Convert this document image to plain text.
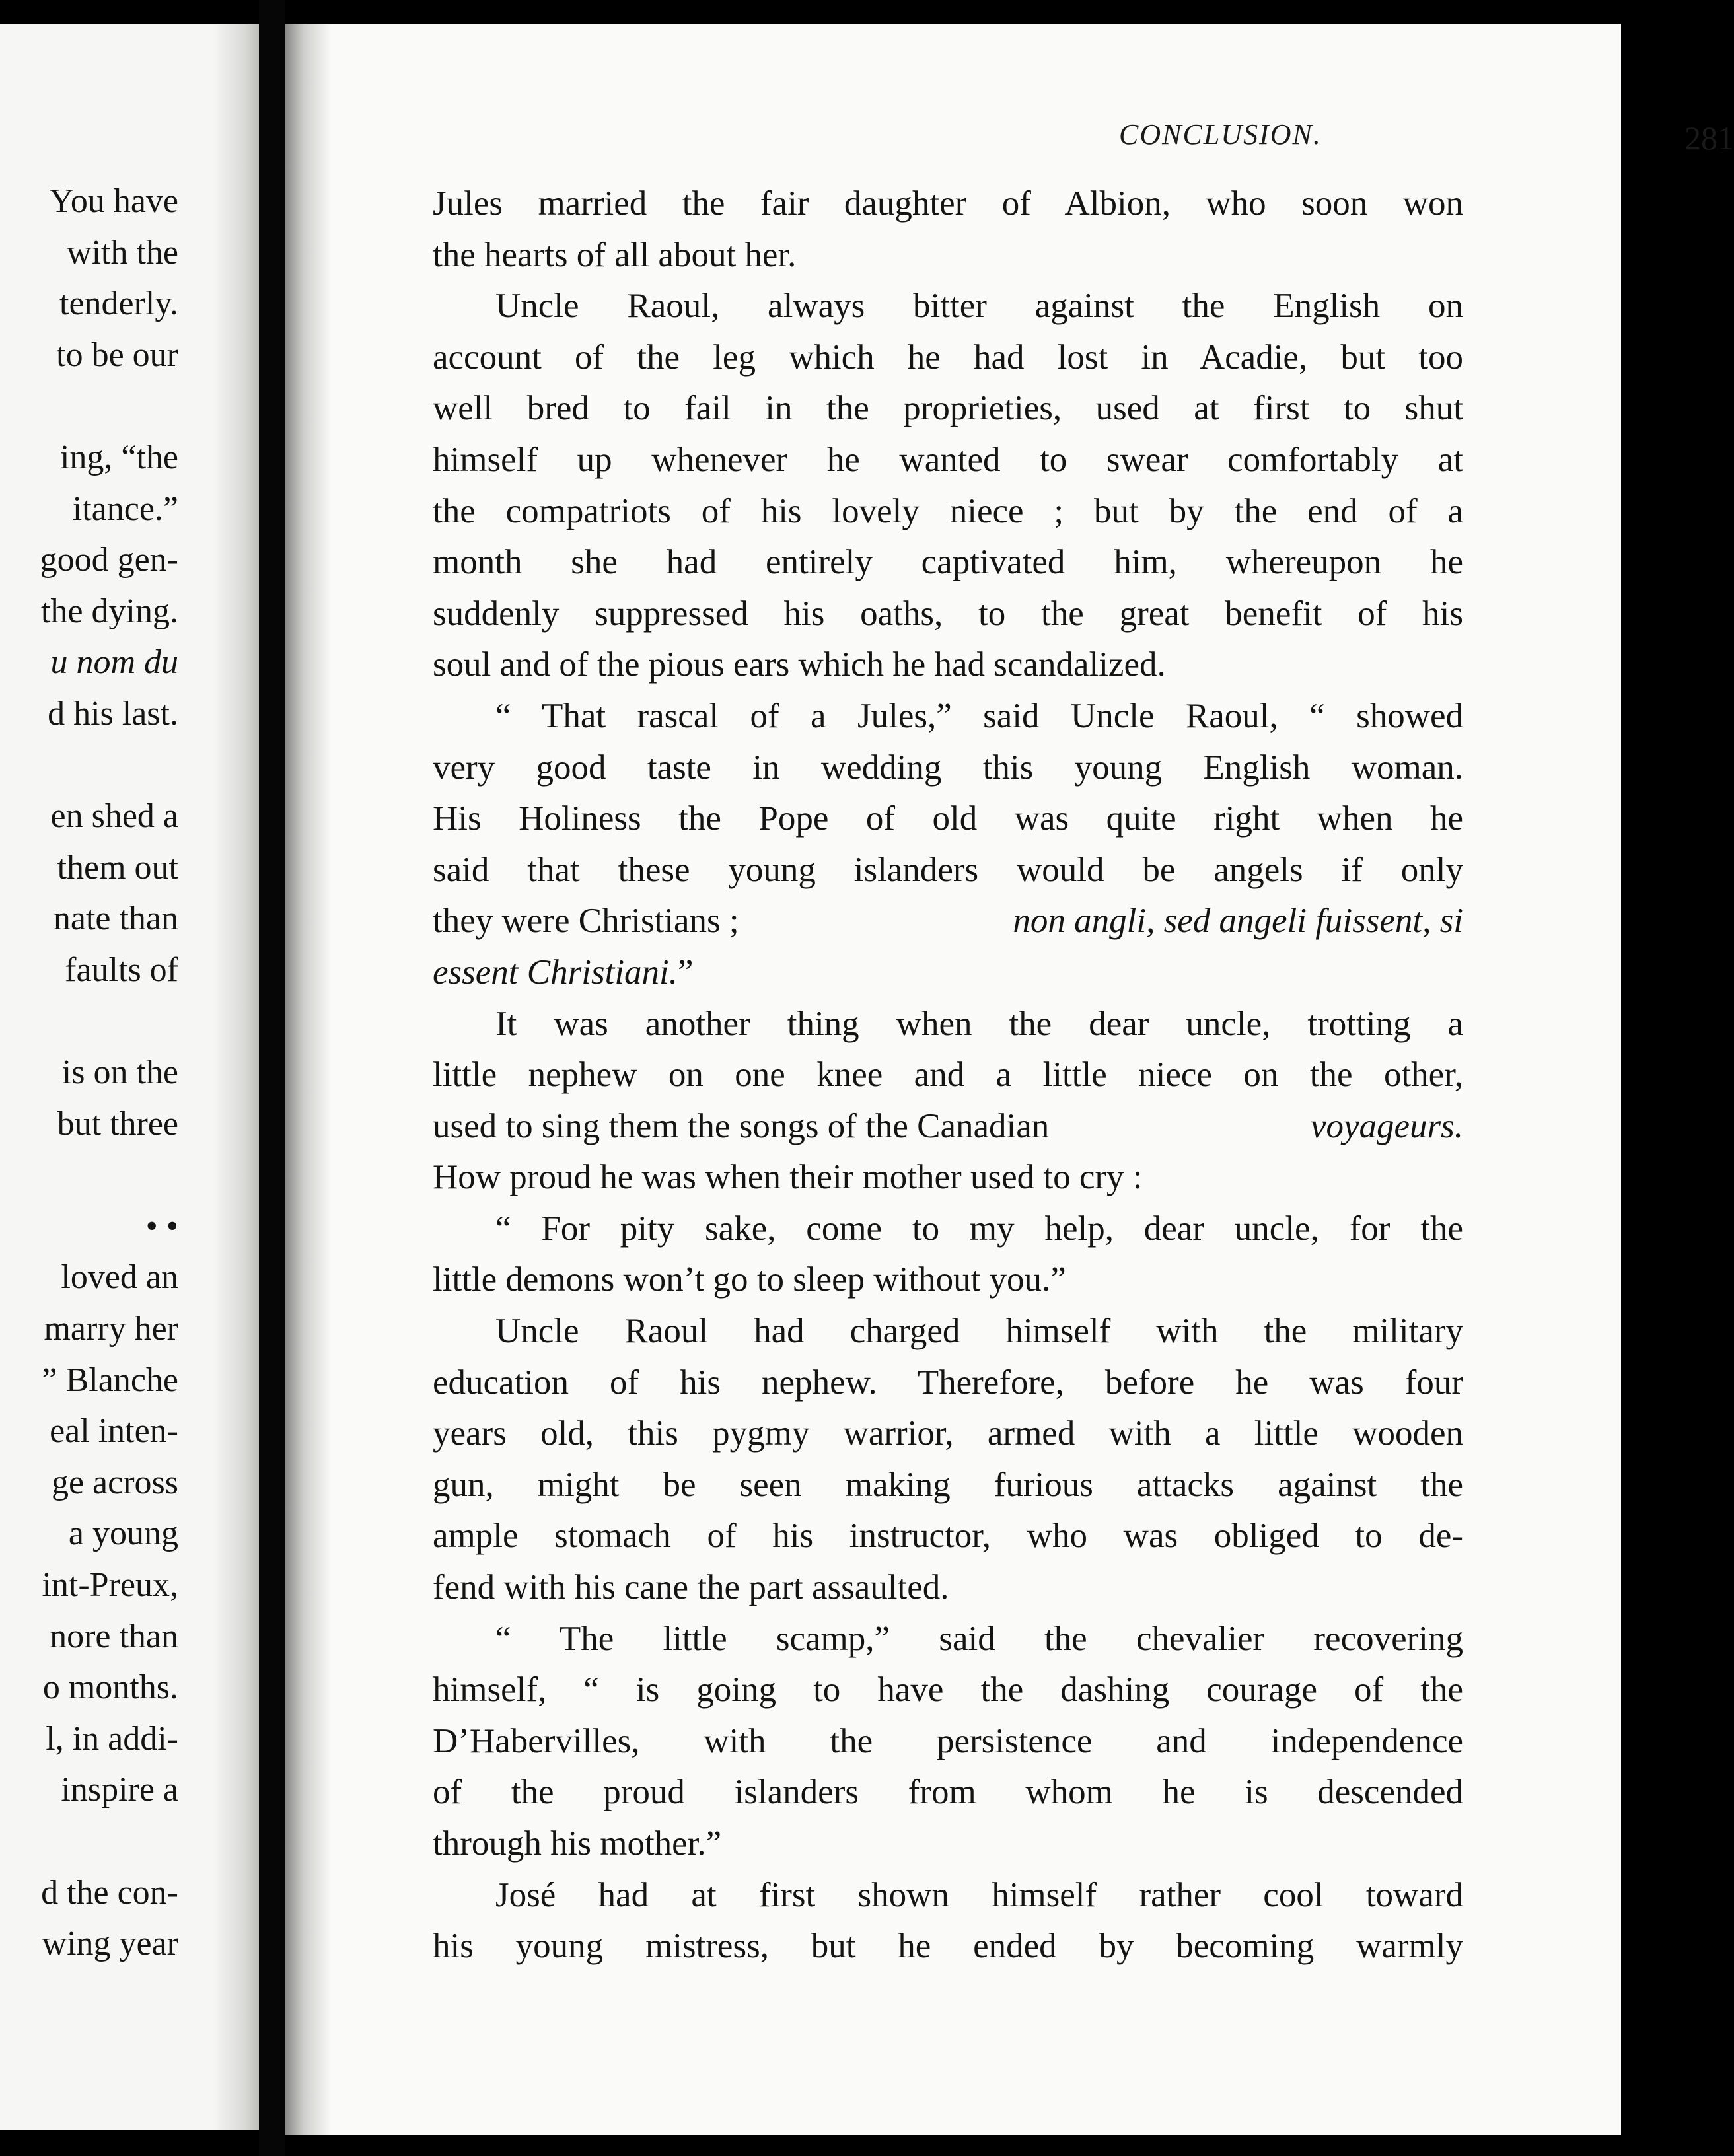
You have
with the
tenderly.
to be our
ing, “the
itance.”
good gen-
the dying.
u nom du
d his last.
en shed a
them out
nate than
faults of
is on the
but three
• •
loved an
marry her
” Blanche
eal inten-
ge across
a young
int-Preux,
nore than
o months.
l, in addi-
inspire a
d the con-
wing year
CONCLUSION.	281
Jules married the fair daughter of Albion, who soon won
the hearts of all about her.
Uncle Raoul, always bitter against the English on
account of the leg which he had lost in Acadie, but too
well bred to fail in the proprieties, used at first to shut
himself up whenever he wanted to swear comfortably at
the compatriots of his lovely niece ; but by the end of a
month she had entirely captivated him, whereupon he
suddenly suppressed his oaths, to the great benefit of his
soul and of the pious ears which he had scandalized.
“ That rascal of a Jules,” said Uncle Raoul, “ showed
very good taste in wedding this young English woman.
His Holiness the Pope of old was quite right when he
said that these young islanders would be angels if only
they were Christians ;	non angli, sed angeli fuissent, si
essent Christiani.”
It was another thing when the dear uncle, trotting a
little nephew on one knee and a little niece on the other,
used to sing them the songs of the Canadian	voyageurs.
How proud he was when their mother used to cry :
“ For pity sake, come to my help, dear uncle, for the
little demons won’t go to sleep without you.”
Uncle Raoul had charged himself with the military
education of his nephew. Therefore, before he was four
years old, this pygmy warrior, armed with a little wooden
gun, might be seen making furious attacks against the
ample stomach of his instructor, who was obliged to de-
fend with his cane the part assaulted.
“ The little scamp,” said the chevalier recovering
himself, “ is going to have the dashing courage of the
D’Habervilles, with the persistence and independence
of the proud islanders from whom he is descended
through his mother.”
José had at first shown himself rather cool toward
his young mistress, but he ended by becoming warmly
